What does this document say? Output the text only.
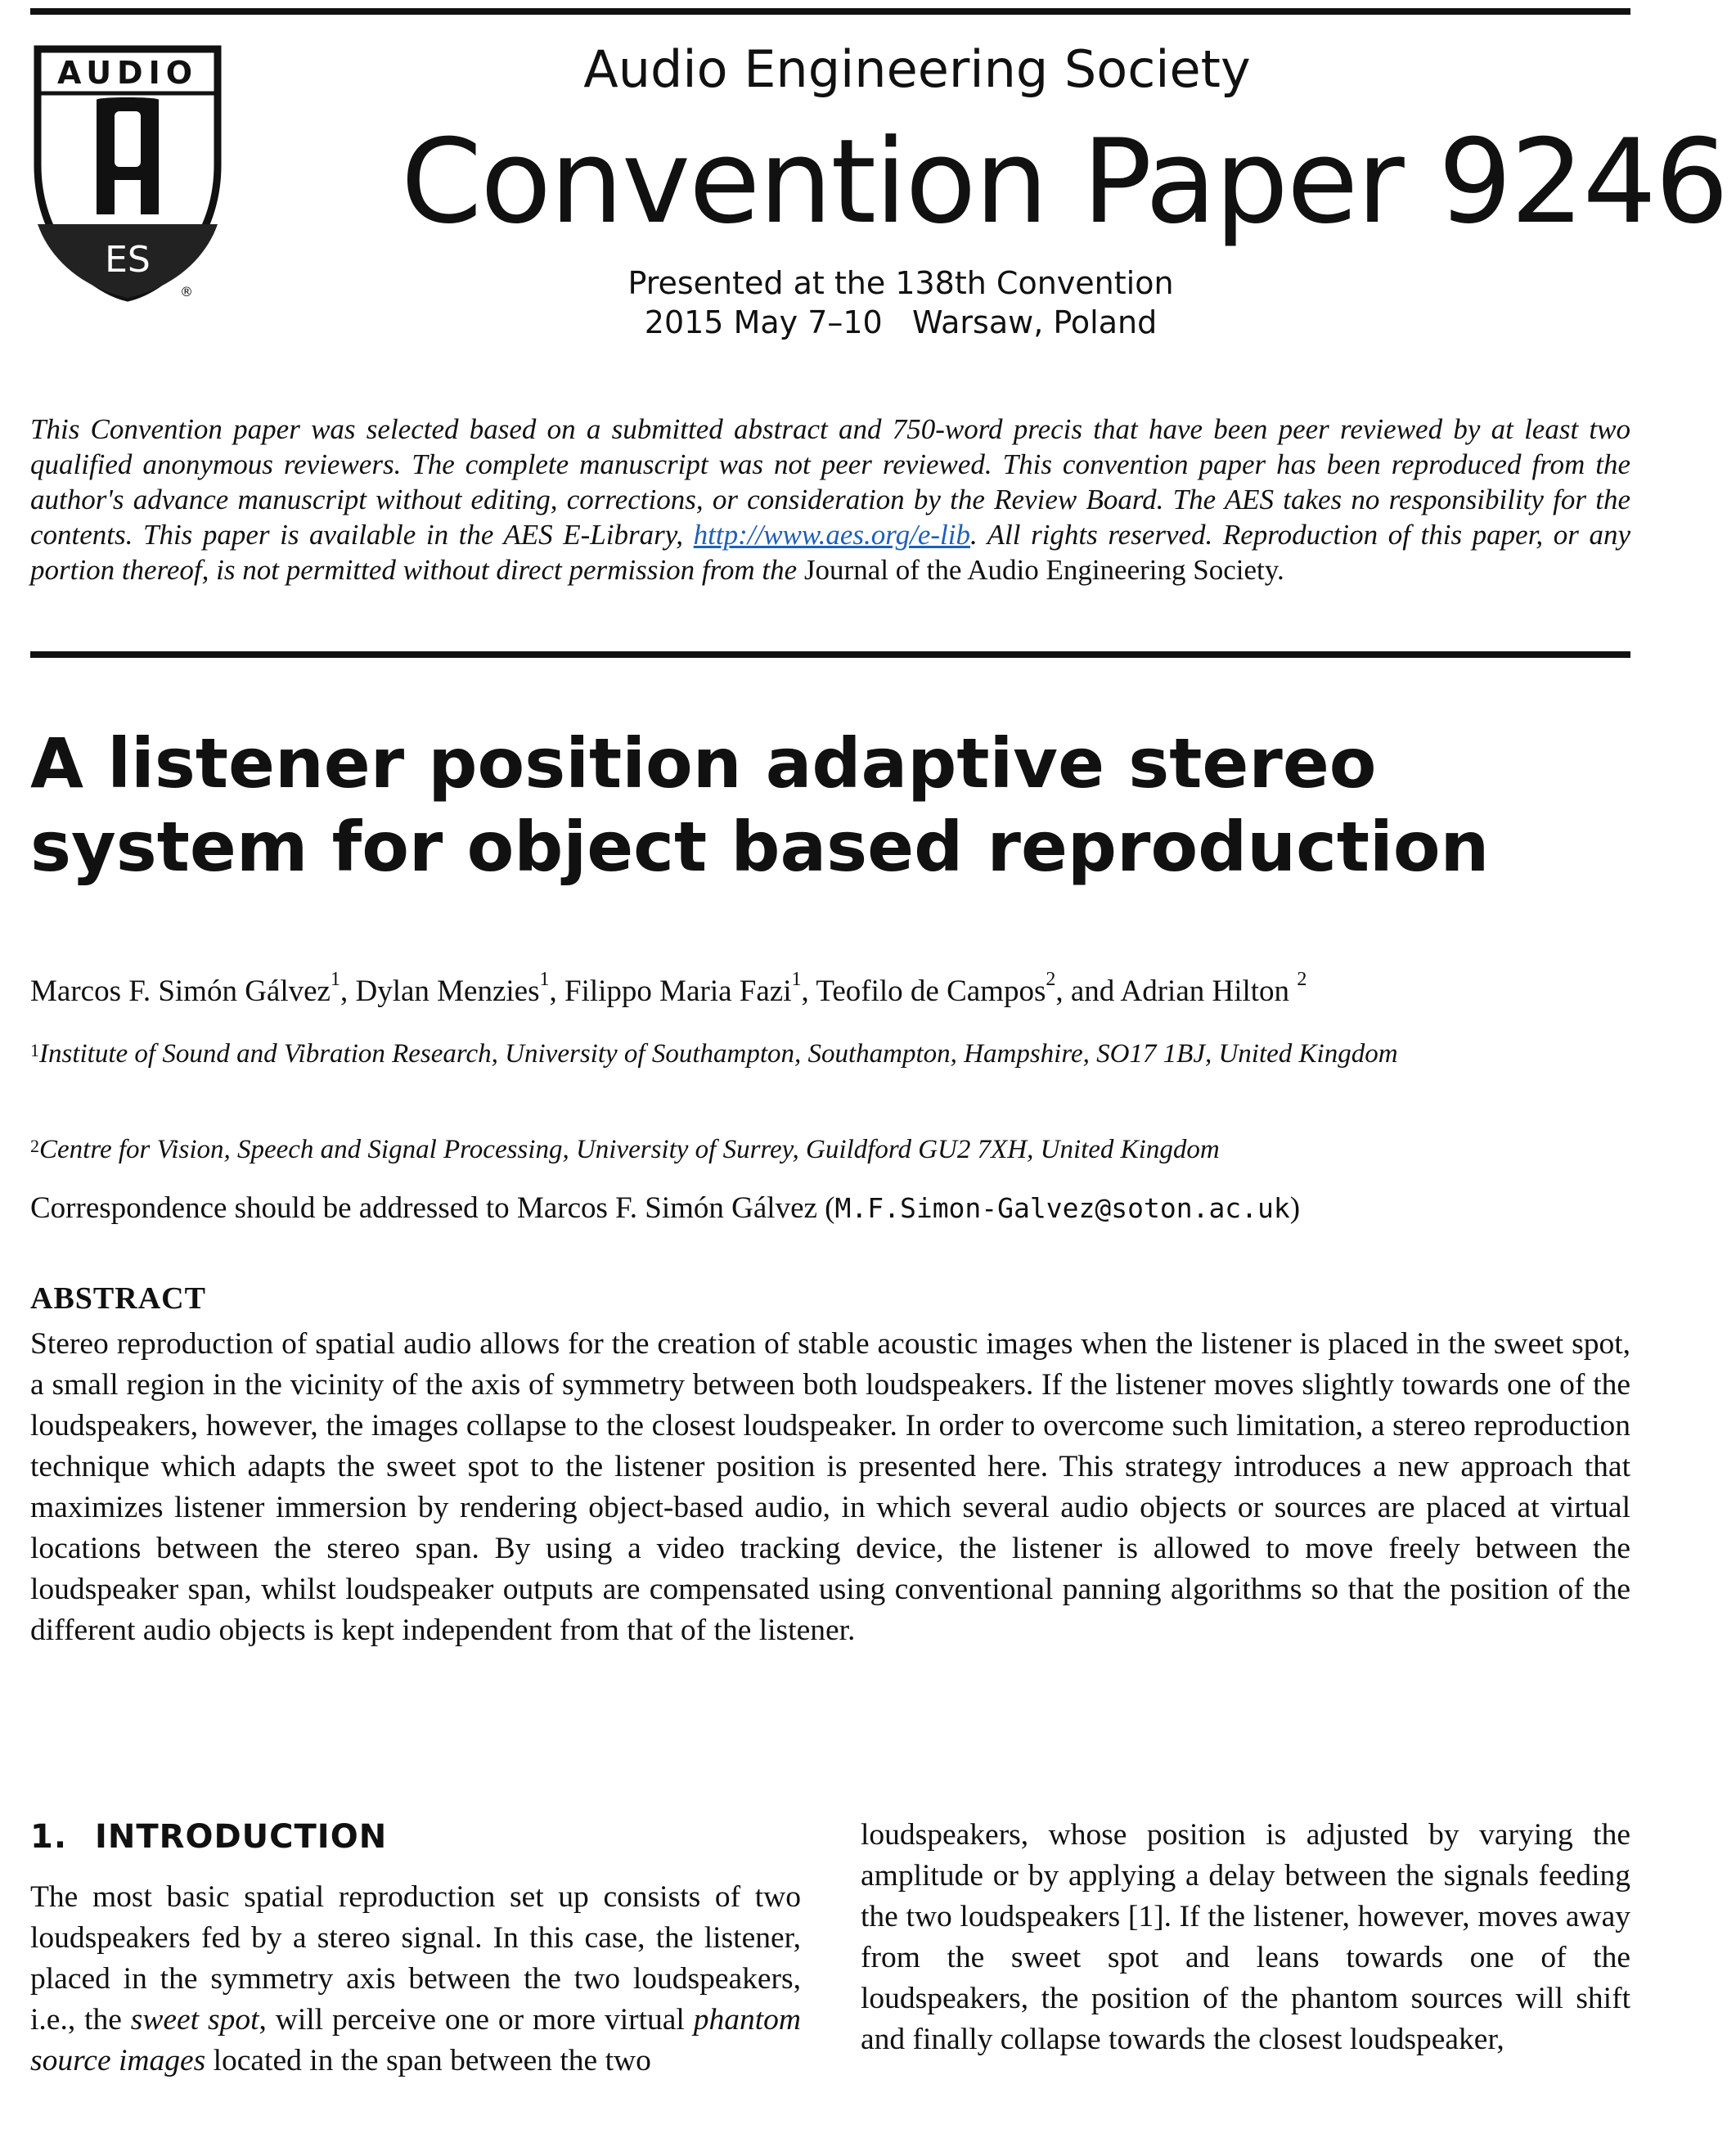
AUDIO
ES
®
Audio Engineering Society
Convention Paper 9246
Presented at the 138th Convention
2015 May 7–10   Warsaw, Poland
This Convention paper was selected based on a submitted abstract and 750-word precis that have been peer reviewed by at least two qualified anonymous reviewers. The complete manuscript was not peer reviewed. This convention paper has been reproduced from the author's advance manuscript without editing, corrections, or consideration by the Review Board. The AES takes no responsibility for the contents. This paper is available in the AES E-Library, http://www.aes.org/e-lib. All rights reserved. Reproduction of this paper, or any portion thereof, is not permitted without direct permission from the Journal of the Audio Engineering Society.
A listener position adaptive stereo system for object based reproduction
Marcos F. Simón Gálvez$^1$, Dylan Menzies$^1$, Filippo Maria Fazi$^1$, Teofilo de Campos$^2$, and Adrian Hilton $^2$
$^1$Institute of Sound and Vibration Research, University of Southampton, Southampton, Hampshire, SO17 1BJ, United Kingdom
$^2$Centre for Vision, Speech and Signal Processing, University of Surrey, Guildford GU2 7XH, United Kingdom
Correspondence should be addressed to Marcos F. Simón Gálvez (M.F.Simon-Galvez@soton.ac.uk)
ABSTRACT
Stereo reproduction of spatial audio allows for the creation of stable acoustic images when the listener is placed in the sweet spot, a small region in the vicinity of the axis of symmetry between both loudspeakers. If the listener moves slightly towards one of the loudspeakers, however, the images collapse to the closest loudspeaker. In order to overcome such limitation, a stereo reproduction technique which adapts the sweet spot to the listener position is presented here. This strategy introduces a new approach that maximizes listener immersion by rendering object-based audio, in which several audio objects or sources are placed at virtual locations between the stereo span. By using a video tracking device, the listener is allowed to move freely between the loudspeaker span, whilst loudspeaker outputs are compensated using conventional panning algorithms so that the position of the different audio objects is kept independent from that of the listener.
1. INTRODUCTION
The most basic spatial reproduction set up consists of two loudspeakers fed by a stereo signal. In this case, the listener, placed in the symmetry axis between the two loudspeakers, i.e., the sweet spot, will perceive one or more virtual phantom source images located in the span between the two
loudspeakers, whose position is adjusted by varying the amplitude or by applying a delay between the signals feeding the two loudspeakers [1]. If the listener, however, moves away from the sweet spot and leans towards one of the loudspeakers, the position of the phantom sources will shift and finally collapse towards the closest loudspeaker,
